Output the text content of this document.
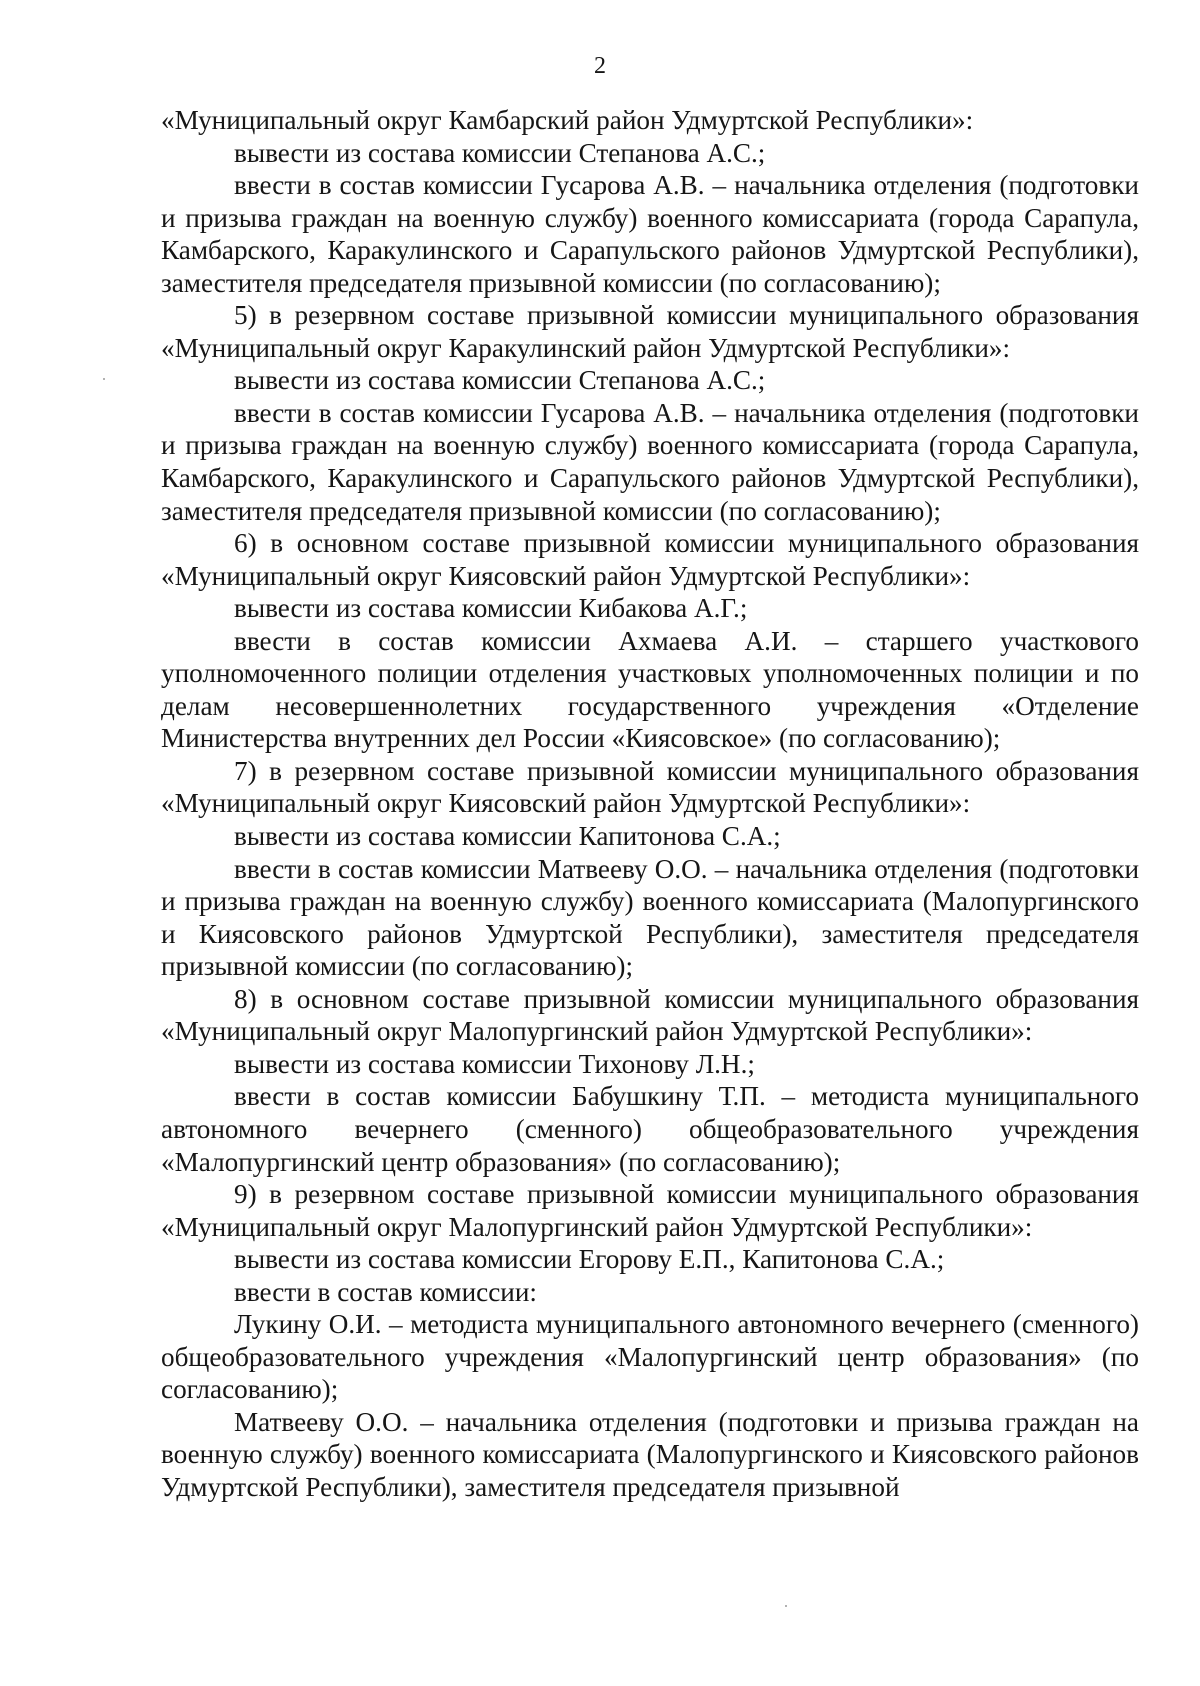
2

«Муниципальный округ Камбарский район Удмуртской Республики»:

вывести из состава комиссии Степанова А.С.;

ввести в состав комиссии Гусарова А.В. – начальника отделения (подготовки и призыва граждан на военную службу) военного комиссариата (города Сарапула, Камбарского, Каракулинского и Сарапульского районов Удмуртской Республики), заместителя председателя призывной комиссии (по согласованию);

5) в резервном составе призывной комиссии муниципального образования «Муниципальный округ Каракулинский район Удмуртской Республики»:

вывести из состава комиссии Степанова А.С.;

ввести в состав комиссии Гусарова А.В. – начальника отделения (подготовки и призыва граждан на военную службу) военного комиссариата (города Сарапула, Камбарского, Каракулинского и Сарапульского районов Удмуртской Республики), заместителя председателя призывной комиссии (по согласованию);

6) в основном составе призывной комиссии муниципального образования «Муниципальный округ Киясовский район Удмуртской Республики»:

вывести из состава комиссии Кибакова А.Г.;

ввести в состав комиссии Ахмаева А.И. – старшего участкового уполномоченного полиции отделения участковых уполномоченных полиции и по делам несовершеннолетних государственного учреждения «Отделение Министерства внутренних дел России «Киясовское» (по согласованию);

7) в резервном составе призывной комиссии муниципального образования «Муниципальный округ Киясовский район Удмуртской Республики»:

вывести из состава комиссии Капитонова С.А.;

ввести в состав комиссии Матвееву О.О. – начальника отделения (подготовки и призыва граждан на военную службу) военного комиссариата (Малопургинского и Киясовского районов Удмуртской Республики), заместителя председателя призывной комиссии (по согласованию);

8) в основном составе призывной комиссии муниципального образования «Муниципальный округ Малопургинский район Удмуртской Республики»:

вывести из состава комиссии Тихонову Л.Н.;

ввести в состав комиссии Бабушкину Т.П. – методиста муниципального автономного вечернего (сменного) общеобразовательного учреждения «Малопургинский центр образования» (по согласованию);

9) в резервном составе призывной комиссии муниципального образования «Муниципальный округ Малопургинский район Удмуртской Республики»:

вывести из состава комиссии Егорову Е.П., Капитонова С.А.;

ввести в состав комиссии:

Лукину О.И. – методиста муниципального автономного вечернего (сменного) общеобразовательного учреждения «Малопургинский центр образования» (по согласованию);

Матвееву О.О. – начальника отделения (подготовки и призыва граждан на военную службу) военного комиссариата (Малопургинского и Киясовского районов Удмуртской Республики), заместителя председателя призывной
